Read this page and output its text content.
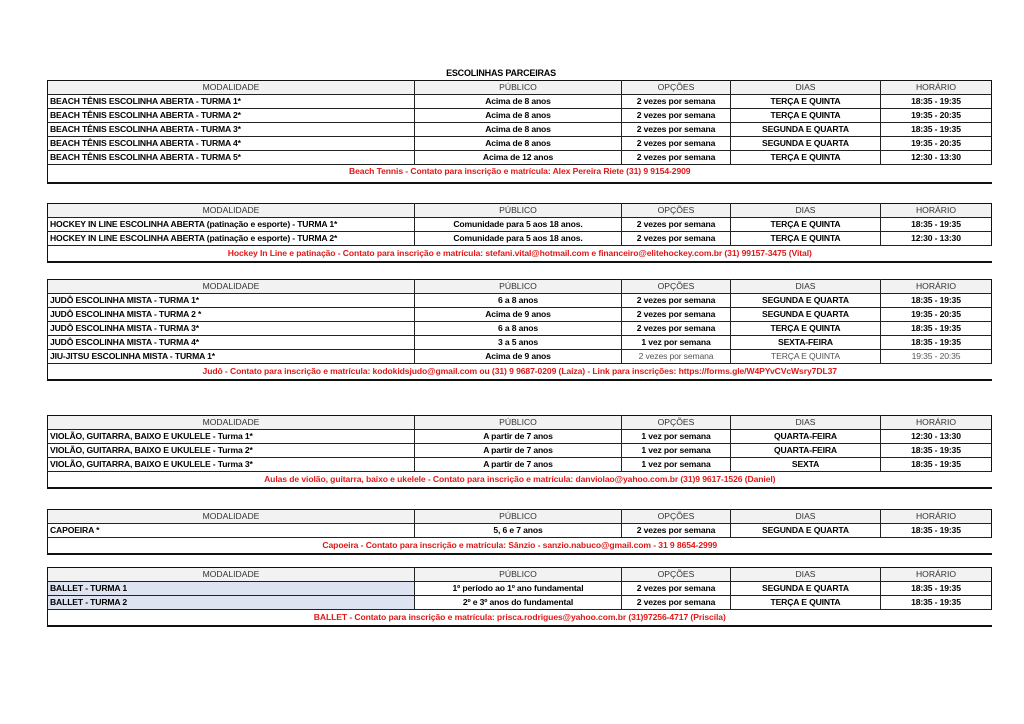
ESCOLINHAS PARCEIRAS
MODALIDADE	PÚBLICO	OPÇÕES	DIAS	HORÁRIO
BEACH TÊNIS ESCOLINHA ABERTA - TURMA 1*	Acima de 8 anos	2 vezes por semana	TERÇA E QUINTA	18:35 - 19:35
BEACH TÊNIS ESCOLINHA ABERTA - TURMA 2*	Acima de 8 anos	2 vezes por semana	TERÇA E QUINTA	19:35 - 20:35
BEACH TÊNIS ESCOLINHA ABERTA - TURMA 3*	Acima de 8 anos	2 vezes por semana	SEGUNDA E QUARTA	18:35 - 19:35
BEACH TÊNIS ESCOLINHA ABERTA - TURMA 4*	Acima de 8 anos	2 vezes por semana	SEGUNDA E QUARTA	19:35 - 20:35
BEACH TÊNIS ESCOLINHA ABERTA - TURMA 5*	Acima de 12 anos	2 vezes por semana	TERÇA E QUINTA	12:30 - 13:30
Beach Tennis - Contato para inscrição e matrícula: Alex Pereira Riete (31) 9 9154-2909				
MODALIDADE	PÚBLICO	OPÇÕES	DIAS	HORÁRIO
HOCKEY IN LINE ESCOLINHA ABERTA (patinação e esporte) - TURMA 1*	Comunidade para 5 aos 18 anos.	2 vezes por semana	TERÇA E QUINTA	18:35 - 19:35
HOCKEY IN LINE ESCOLINHA ABERTA (patinação e esporte) - TURMA 2*	Comunidade para 5 aos 18 anos.	2 vezes por semana	TERÇA E QUINTA	12:30 - 13:30
Hockey In Line e patinação - Contato para inscrição e matrícula: stefani.vital@hotmail.com e financeiro@elitehockey.com.br (31) 99157-3475 (Vital)				
MODALIDADE	PÚBLICO	OPÇÕES	DIAS	HORÁRIO
JUDÔ ESCOLINHA MISTA - TURMA 1*	6 a 8 anos	2 vezes por semana	SEGUNDA E QUARTA	18:35 - 19:35
JUDÔ ESCOLINHA MISTA - TURMA 2 *	Acima de 9 anos	2 vezes por semana	SEGUNDA E QUARTA	19:35 - 20:35
JUDÔ ESCOLINHA MISTA - TURMA 3*	6 a 8 anos	2 vezes por semana	TERÇA E QUINTA	18:35 - 19:35
JUDÔ ESCOLINHA MISTA - TURMA 4*	3 a 5 anos	1 vez por semana	SEXTA-FEIRA	18:35 - 19:35
JIU-JITSU ESCOLINHA MISTA - TURMA 1*	Acima de 9 anos	2 vezes por semana	TERÇA E QUINTA	19:35 - 20:35
Judô - Contato para inscrição e matrícula: kodokidsjudo@gmail.com ou (31) 9 9687-0209 (Laiza) - Link para inscrições: https://forms.gle/W4PYvCVcWsry7DL37				
MODALIDADE	PÚBLICO	OPÇÕES	DIAS	HORÁRIO
VIOLÃO, GUITARRA, BAIXO E UKULELE - Turma 1*	A partir de 7 anos	1 vez por semana	QUARTA-FEIRA	12:30 - 13:30
VIOLÃO, GUITARRA, BAIXO E UKULELE - Turma 2*	A partir de 7 anos	1 vez por semana	QUARTA-FEIRA	18:35 - 19:35
VIOLÃO, GUITARRA, BAIXO E UKULELE - Turma 3*	A partir de 7 anos	1 vez por semana	SEXTA	18:35 - 19:35
Aulas de violão, guitarra, baixo e ukelele - Contato para inscrição e matrícula: danviolao@yahoo.com.br (31)9 9617-1526 (Daniel)				
MODALIDADE	PÚBLICO	OPÇÕES	DIAS	HORÁRIO
CAPOEIRA *	5, 6 e 7 anos	2 vezes por semana	SEGUNDA E QUARTA	18:35 - 19:35
Capoeira - Contato para inscrição e matrícula: Sânzio - sanzio.nabuco@gmail.com - 31 9 8654-2999				
MODALIDADE	PÚBLICO	OPÇÕES	DIAS	HORÁRIO
BALLET - TURMA 1	1º período ao 1º ano fundamental	2 vezes por semana	SEGUNDA E QUARTA	18:35 - 19:35
BALLET - TURMA 2	2º e 3º anos do fundamental	2 vezes por semana	TERÇA E QUINTA	18:35 - 19:35
BALLET - Contato para inscrição e matrícula: prisca.rodrigues@yahoo.com.br (31)97256-4717 (Priscila)				
